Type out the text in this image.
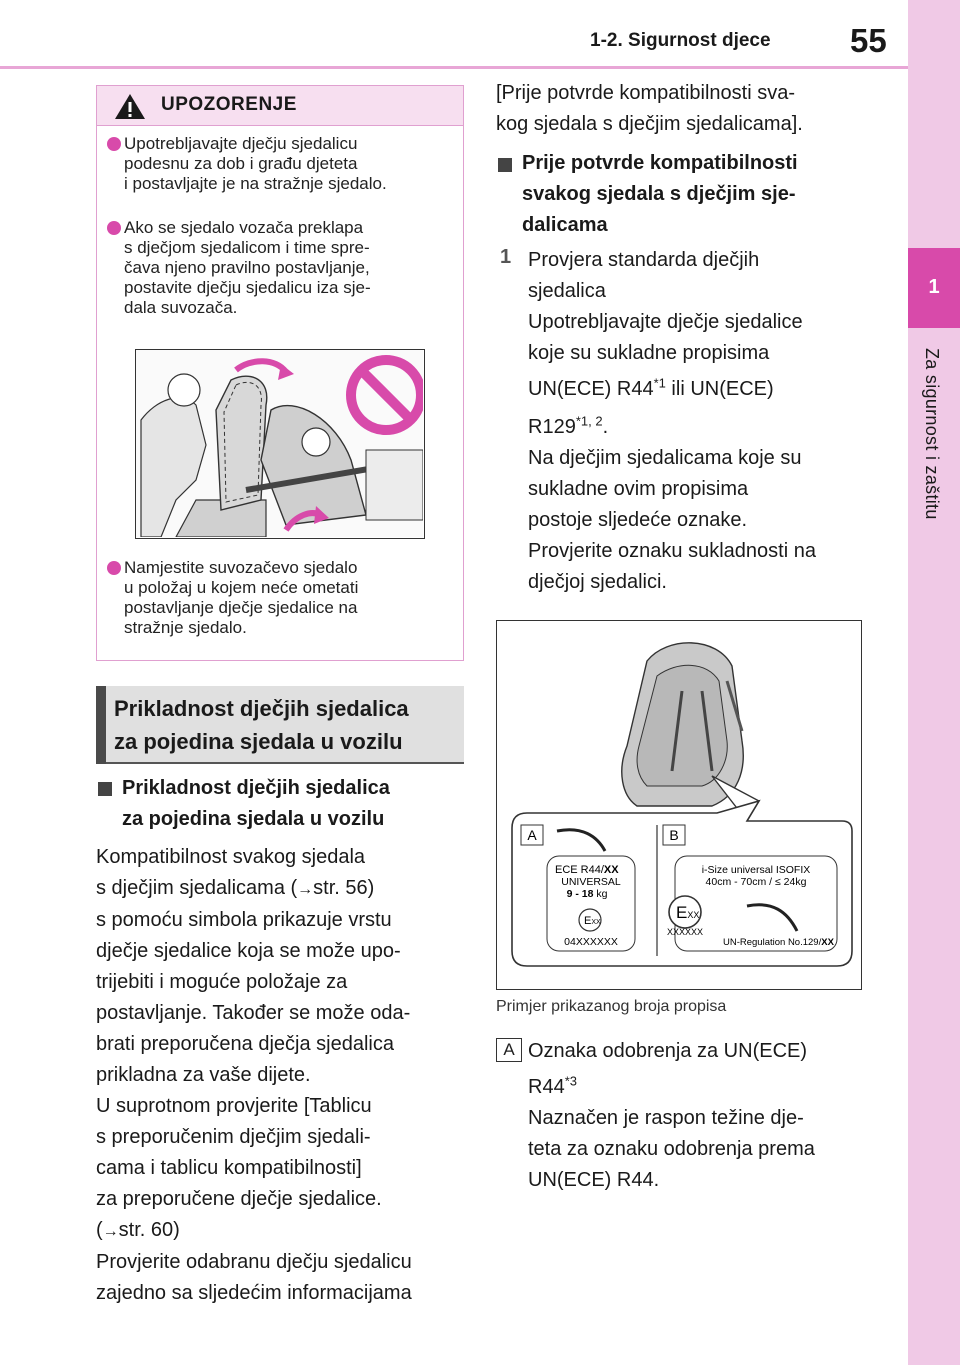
1-2. Sigurnost djece 55
1
Za sigurnost i zaštitu
UPOZORENJE
Upotrebljavajte dječju sjedalicu
podesnu za dob i građu djeteta
i postavljajte je na stražnje sjedalo.
Ako se sjedalo vozača preklapa
s dječjom sjedalicom i time spre-
čava njeno pravilno postavljanje,
postavite dječju sjedalicu iza sje-
dala suvozača.
Namjestite suvozačevo sjedalo
u položaj u kojem neće ometati
postavljanje dječje sjedalice na
stražnje sjedalo.
Prikladnost dječjih sjedalica
za pojedina sjedala u vozilu
Prikladnost dječjih sjedalica
za pojedina sjedala u vozilu
Kompatibilnost svakog sjedala
s dječjim sjedalicama (→str. 56)
s pomoću simbola prikazuje vrstu
dječje sjedalice koja se može upo-
trijebiti i moguće položaje za
postavljanje. Također se može oda-
brati preporučena dječja sjedalica
prikladna za vaše dijete.
U suprotnom provjerite [Tablicu
s preporučenim dječjim sjedali-
cama i tablicu kompatibilnosti]
za preporučene dječje sjedalice.
(→str. 60)
Provjerite odabranu dječju sjedalicu
zajedno sa sljedećim informacijama
[Prije potvrde kompatibilnosti sva-
kog sjedala s dječjim sjedalicama].
Prije potvrde kompatibilnosti
svakog sjedala s dječjim sje-
dalicama
1 Provjera standarda dječjih
sjedalica
Upotrebljavajte dječje sjedalice
koje su sukladne propisima
UN(ECE) R44$^{*1}$ ili UN(ECE)
R129$^{*1, 2}$.
Na dječjim sjedalicama koje su
sukladne ovim propisima
postoje sljedeće oznake.
Provjerite oznaku sukladnosti na
dječjoj sjedalici.
A	B
ECE R44/XX
UNIVERSAL
9 - 18 kg
EXX
04XXXXXX
i-Size universal ISOFIX
40cm - 70cm / ≤ 24kg
EXX
XXXXXX
UN-Regulation No.129/XX
Primjer prikazanog broja propisa
A Oznaka odobrenja za UN(ECE)
R44$^{*3}$
Naznačen je raspon težine dje-
teta za oznaku odobrenja prema
UN(ECE) R44.
